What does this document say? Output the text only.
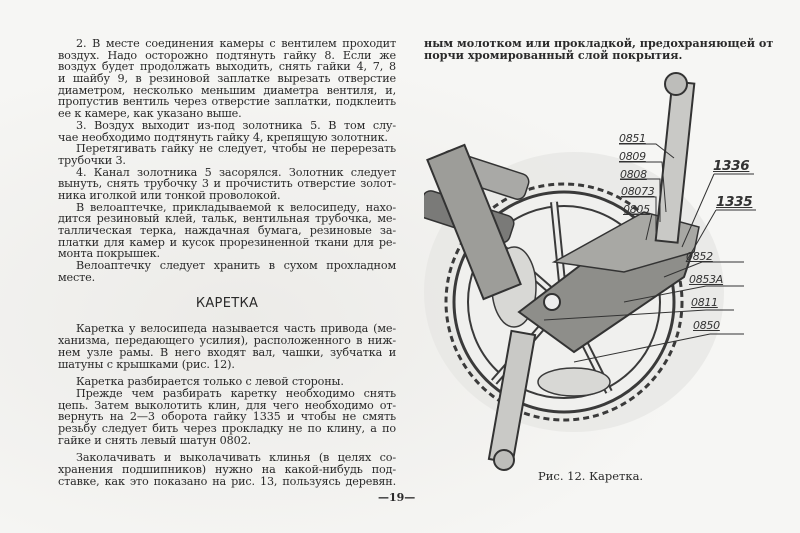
2. В месте соединения камеры с вентилем проходит
воздух. Надо осторожно подтянуть гайку 8. Если же
воздух будет продолжать выходить, снять гайки 4, 7, 8
и шайбу 9, в резиновой заплатке вырезать отверстие
диаметром, несколько меньшим диаметра вентиля, и,
пропустив вентиль через отверстие заплатки, подклеить
ее к камере, как указано выше.
3. Воздух выходит из-под золотника 5. В том слу-
чае необходимо подтянуть гайку 4, крепящую золотник.
Перетягивать гайку не следует, чтобы не перерезать
трубочки 3.
4. Канал золотника 5 засорялся. Золотник следует
вынуть, снять трубочку 3 и прочистить отверстие золот-
ника иголкой или тонкой проволокой.
В велоаптечке, прикладываемой к велосипеду, нахо-
дится резиновый клей, тальк, вентильная трубочка, ме-
таллическая терка, наждачная бумага, резиновые за-
платки для камер и кусок прорезиненной ткани для ре-
монта покрышек.
Велоаптечку следует хранить в сухом прохладном
месте.
КАРЕТКА
Каретка у велосипеда называется часть привода (ме-
ханизма, передающего усилия), расположенного в ниж-
нем узле рамы. В него входят вал, чашки, зубчатка и
шатуны с крышками (рис. 12).
Каретка разбирается только с левой стороны.
Прежде чем разбирать каретку необходимо снять
цепь. Затем выколотить клин, для чего необходимо от-
вернуть на 2—3 оборота гайку 1335 и чтобы не смять
резьбу следует бить через прокладку не по клину, а по
гайке и снять левый шатун 0802.
Заколачивать и выколачивать клинья (в целях со-
хранения подшипников) нужно на какой-нибудь под-
ставке, как это показано на рис. 13, пользуясь деревян.
ным молотком или прокладкой, предохраняющей от
порчи хромированный слой покрытия.
0851
0809
0808
08073
0805
1336
1335
0852
0853А
0811
0850
Рис. 12. Каретка.
—19—
